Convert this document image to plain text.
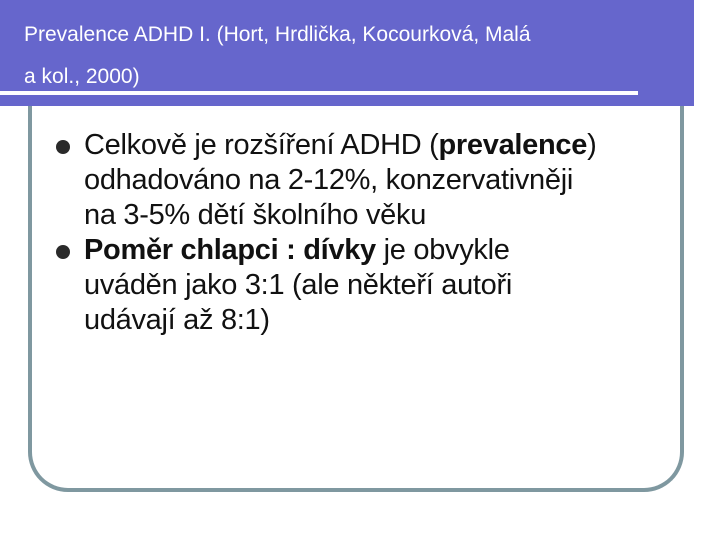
Prevalence ADHD I. (Hort, Hrdlička, Kocourková, Malá
a kol., 2000)
Celkově je rozšíření ADHD (prevalence)
odhadováno na 2-12%, konzervativněji
na 3-5% dětí školního věku
Poměr chlapci : dívky je obvykle
uváděn jako 3:1 (ale někteří autoři
udávají až 8:1)
